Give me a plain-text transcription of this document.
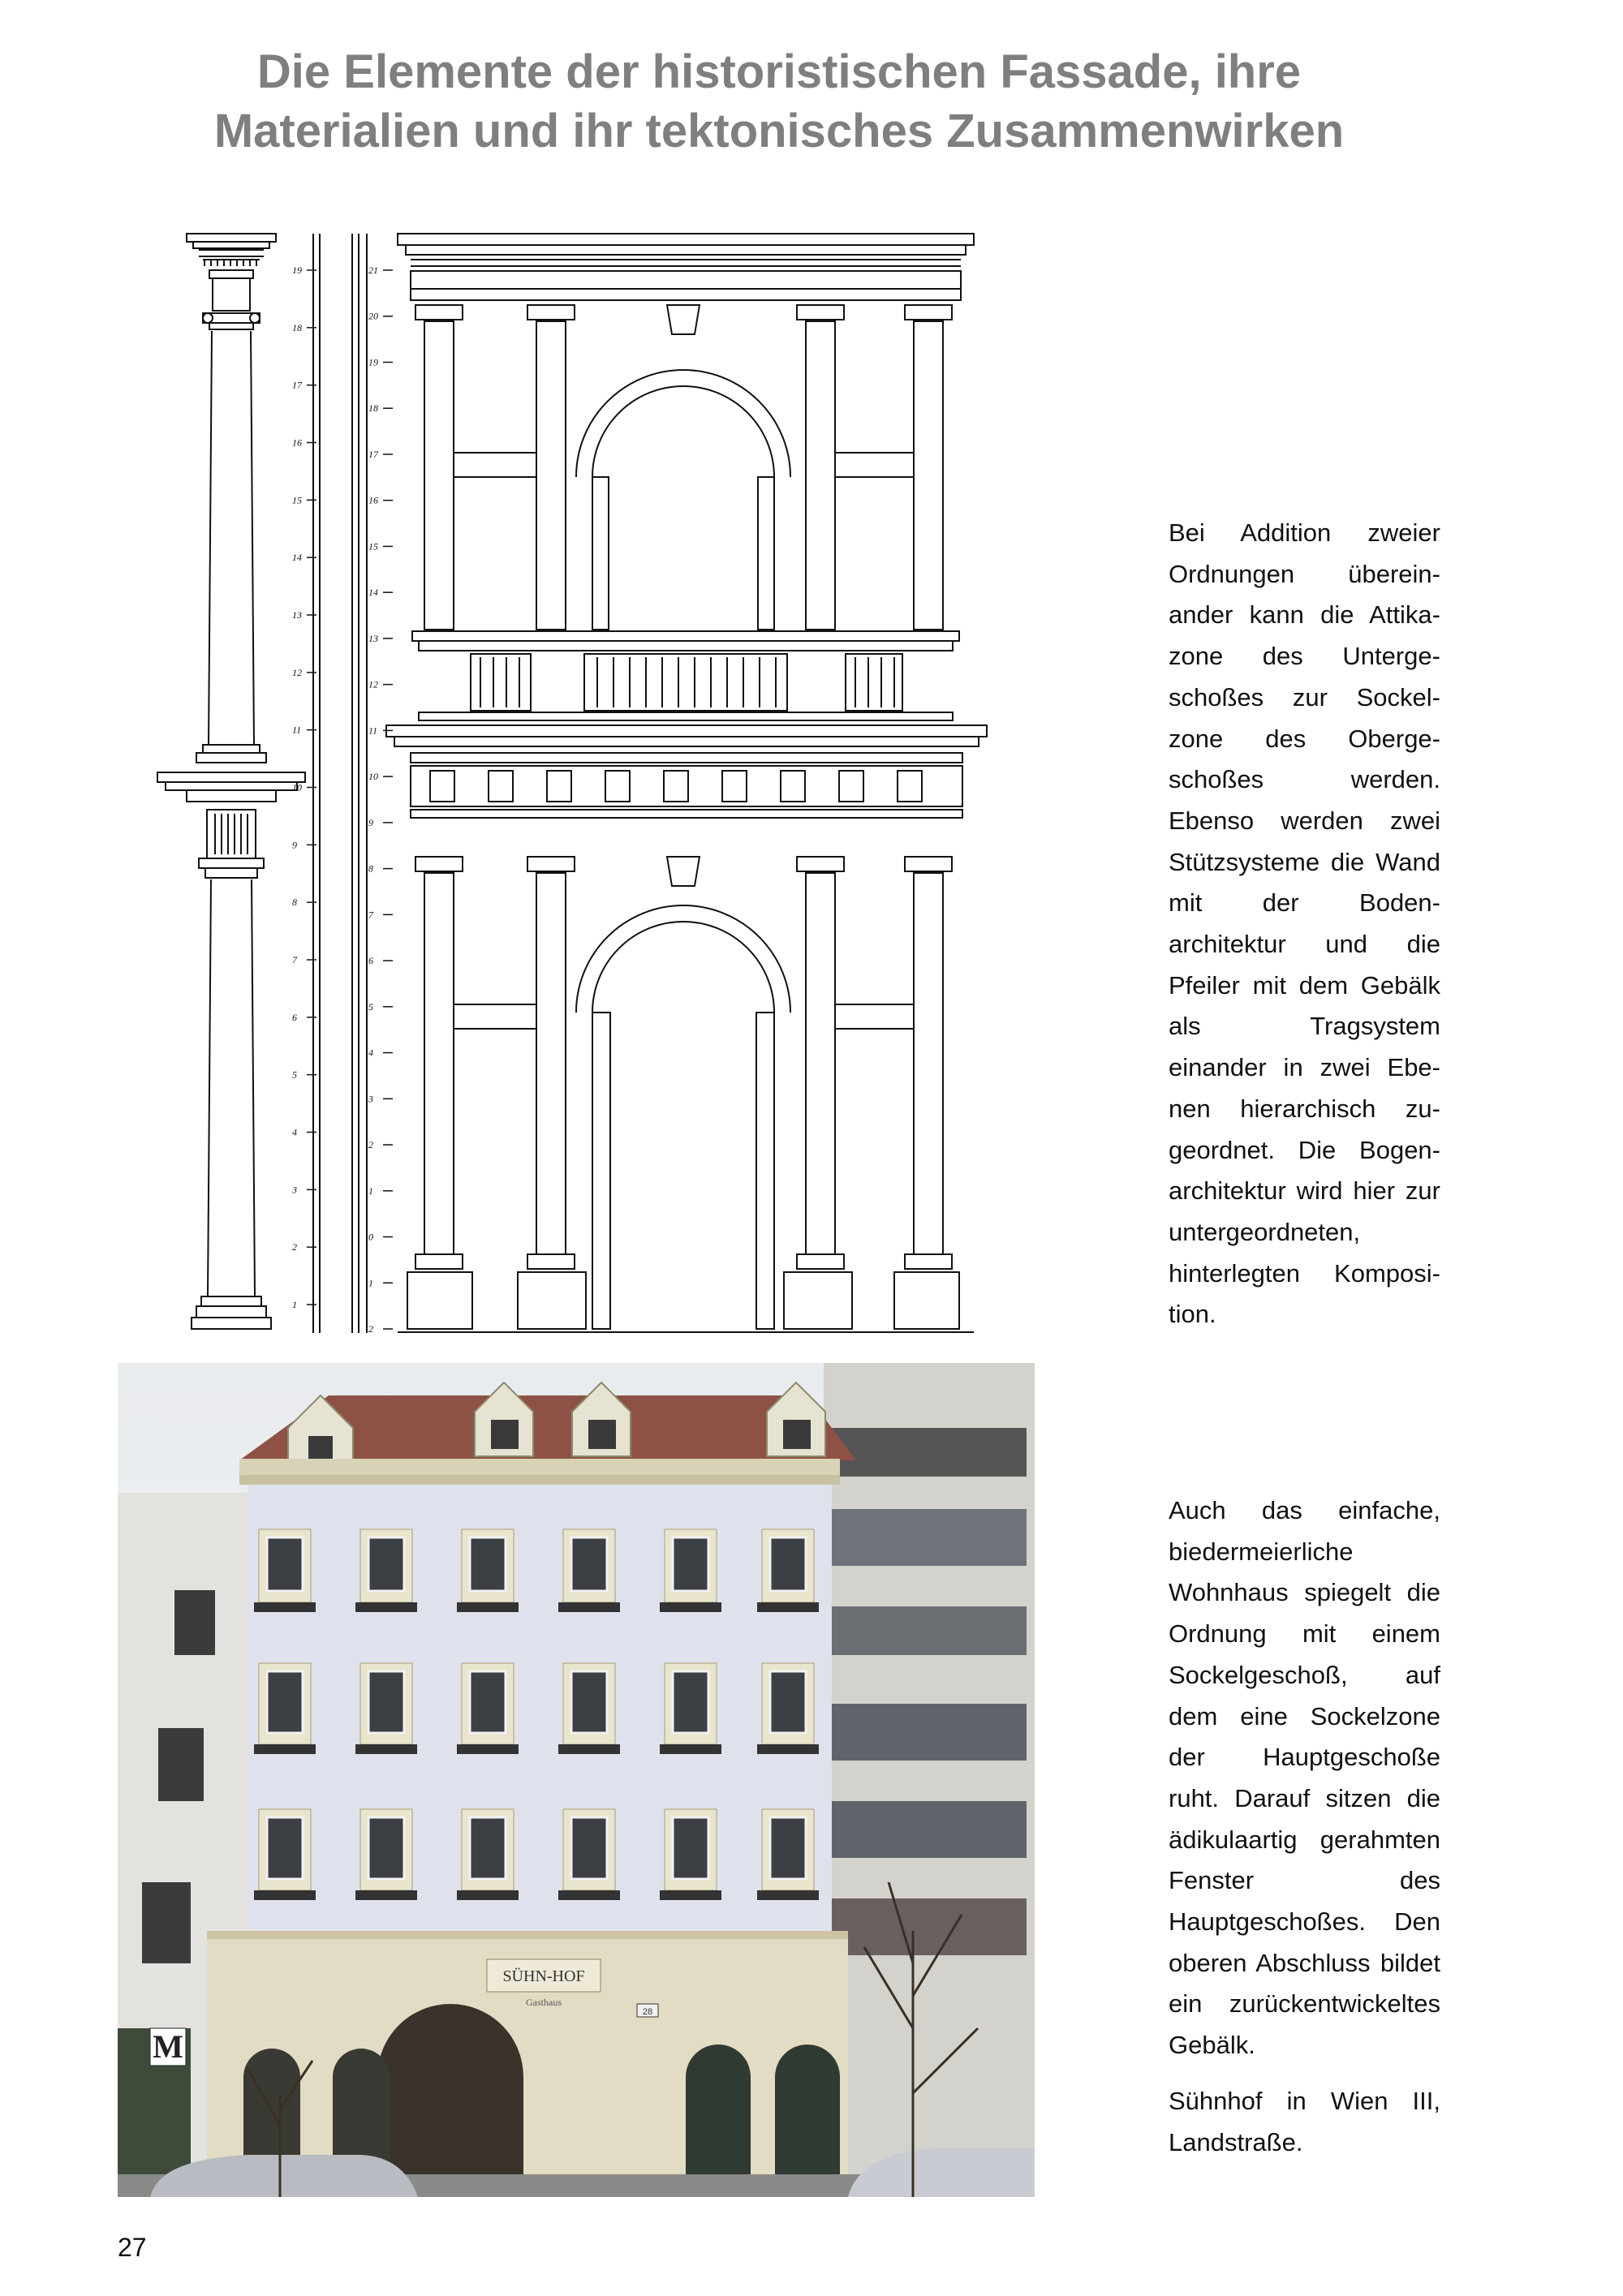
Die Elemente der historistischen Fassade, ihre
Materialien und ihr tektonisches Zusammenwirken
19
18
17
16
15
14
13
12
11
10
9
8
7
6
5
4
3
2
1
21
20
19
18
17
16
15
14
13
12
11
10
9
8
7
6
5
4
3
2
1
0
1
2
M
SÜHN-HOF
Gasthaus
28

Bei Addition zweier Ordnungen übereinander kann die Attikazone des Untergeschoßes zur Sockelzone des Obergeschoßes werden. Ebenso werden zwei Stützsysteme die Wand mit der Bodenarchitektur und die Pfeiler mit dem Gebälk als Tragsystem einander in zwei Ebenen hierarchisch zugeordnet. Die Bogenarchitektur wird hier zur untergeordneten, hinterlegten Komposition.

Auch das einfache, biedermeierliche Wohnhaus spiegelt die Ordnung mit einem Sockelgeschoß, auf dem eine Sockelzone der Hauptgeschoße ruht. Darauf sitzen die ädikulaartig gerahmten Fenster des Hauptgeschoßes. Den oberen Abschluss bildet ein zurückentwickeltes Gebälk.

Sühnhof in Wien III, Landstraße.

27
